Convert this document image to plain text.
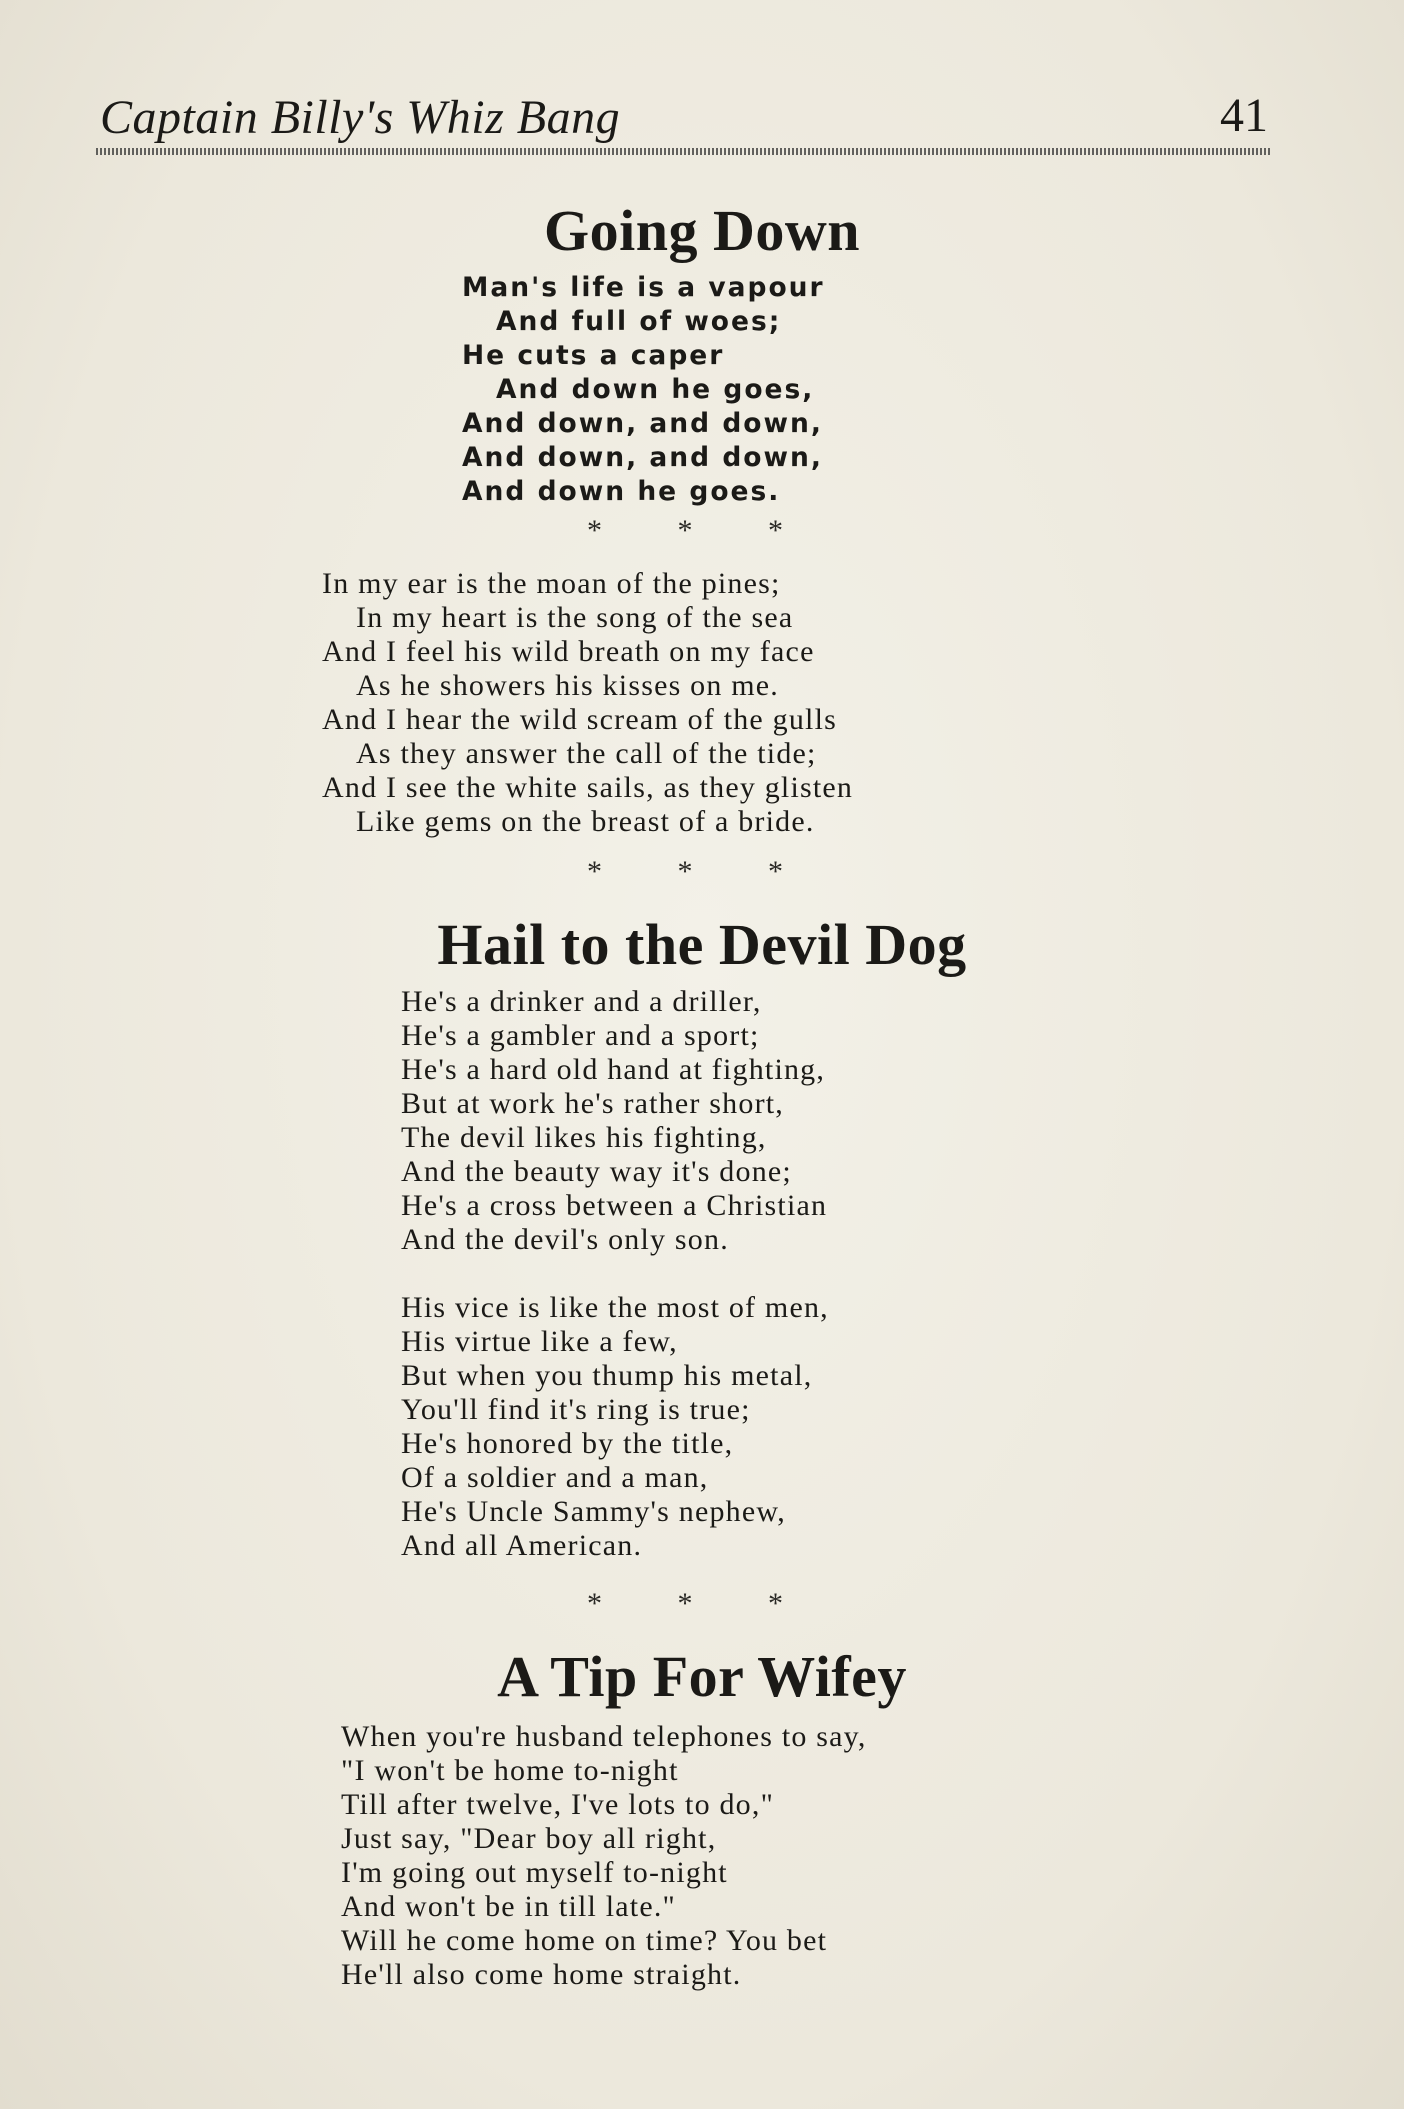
Captain Billy's Whiz Bang	41
Going Down
Man's life is a vapour
And full of woes;
He cuts a caper
And down he goes,
And down, and down,
And down, and down,
And down he goes.
* * *
In my ear is the moan of the pines;
In my heart is the song of the sea
And I feel his wild breath on my face
As he showers his kisses on me.
And I hear the wild scream of the gulls
As they answer the call of the tide;
And I see the white sails, as they glisten
Like gems on the breast of a bride.
* * *
Hail to the Devil Dog
He's a drinker and a driller,
He's a gambler and a sport;
He's a hard old hand at fighting,
But at work he's rather short,
The devil likes his fighting,
And the beauty way it's done;
He's a cross between a Christian
And the devil's only son.
His vice is like the most of men,
His virtue like a few,
But when you thump his metal,
You'll find it's ring is true;
He's honored by the title,
Of a soldier and a man,
He's Uncle Sammy's nephew,
And all American.
* * *
A Tip For Wifey
When you're husband telephones to say,
"I won't be home to-night
Till after twelve, I've lots to do,"
Just say, "Dear boy all right,
I'm going out myself to-night
And won't be in till late."
Will he come home on time? You bet
He'll also come home straight.
